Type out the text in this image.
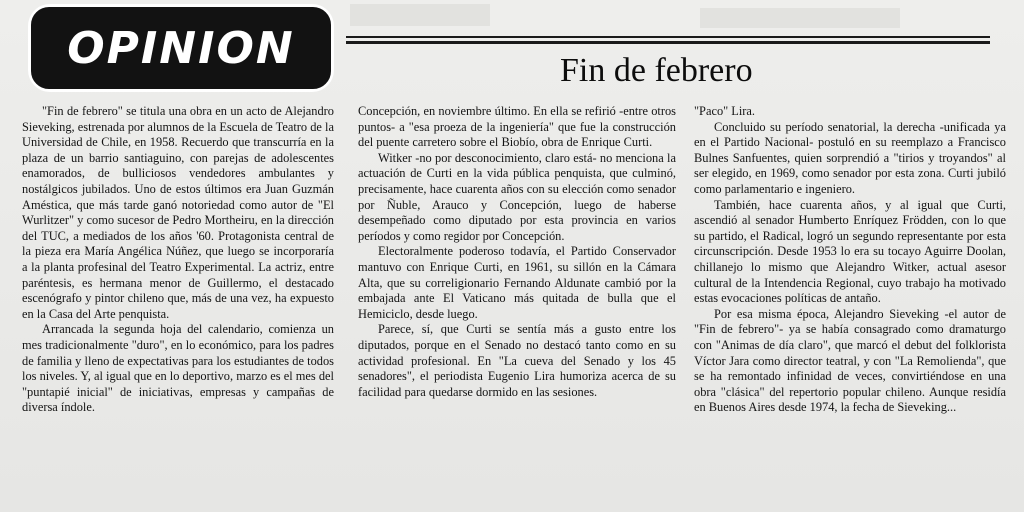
OPINION	Fin de febrero

"Fin de febrero" se titula una obra en un acto de Alejandro Sieveking, estrenada por alumnos de la Escuela de Teatro de la Universidad de Chile, en 1958. Recuerdo que transcurría en la plaza de un barrio santiaguino, con parejas de adolescentes enamorados, de bulliciosos vendedores ambulantes y nostálgicos jubilados. Uno de estos últimos era Juan Guzmán Améstica, que más tarde ganó notoriedad como autor de "El Wurlitzer" y como sucesor de Pedro Mortheiru, en la dirección del TUC, a mediados de los años '60. Protagonista central de la pieza era María Angélica Núñez, que luego se incorporaría a la planta profesinal del Teatro Experimental. La actriz, entre paréntesis, es hermana menor de Guillermo, el destacado escenógrafo y pintor chileno que, más de una vez, ha expuesto en la Casa del Arte penquista.

Arrancada la segunda hoja del calendario, comienza un mes tradicionalmente "duro", en lo económico, para los padres de familia y lleno de expectativas para los estudiantes de todos los niveles. Y, al igual que en lo deportivo, marzo es el mes del "puntapié inicial" de iniciativas, empresas y campañas de diversa índole.

Concepción, en noviembre último. En ella se refirió -entre otros puntos- a "esa proeza de la ingeniería" que fue la construcción del puente carretero sobre el Biobío, obra de Enrique Curti.

Witker -no por desconocimiento, claro está- no menciona la actuación de Curti en la vida pública penquista, que culminó, precisamente, hace cuarenta años con su elección como senador por Ñuble, Arauco y Concepción, luego de haberse desempeñado como diputado por esta provincia en varios períodos y como regidor por Concepción.

Electoralmente poderoso todavía, el Partido Conservador mantuvo con Enrique Curti, en 1961, su sillón en la Cámara Alta, que su correligionario Fernando Aldunate cambió por la embajada ante El Vaticano más quitada de bulla que el Hemiciclo, desde luego.

Parece, sí, que Curti se sentía más a gusto entre los diputados, porque en el Senado no destacó tanto como en su actividad profesional. En "La cueva del Senado y los 45 senadores", el periodista Eugenio Lira humoriza acerca de su facilidad para quedarse dormido en las sesiones.

"Paco" Lira.

Concluido su período senatorial, la derecha -unificada ya en el Partido Nacional- postuló en su reemplazo a Francisco Bulnes Sanfuentes, quien sorprendió a "tirios y troyandos" al ser elegido, en 1969, como senador por esta zona. Curti jubiló como parlamentario e ingeniero.

También, hace cuarenta años, y al igual que Curti, ascendió al senador Humberto Enríquez Frödden, con lo que su partido, el Radical, logró un segundo representante por esta circunscripción. Desde 1953 lo era su tocayo Aguirre Doolan, chillanejo lo mismo que Alejandro Witker, actual asesor cultural de la Intendencia Regional, cuyo trabajo ha motivado estas evocaciones políticas de antaño.

Por esa misma época, Alejandro Sieveking -el autor de "Fin de febrero"- ya se había consagrado como dramaturgo con "Animas de día claro", que marcó el debut del folklorista Víctor Jara como director teatral, y con "La Remolienda", que se ha remontado infinidad de veces, convirtiéndose en una obra "clásica" del repertorio popular chileno. Aunque residía en Buenos Aires desde 1974, la fecha de Sieveking...
